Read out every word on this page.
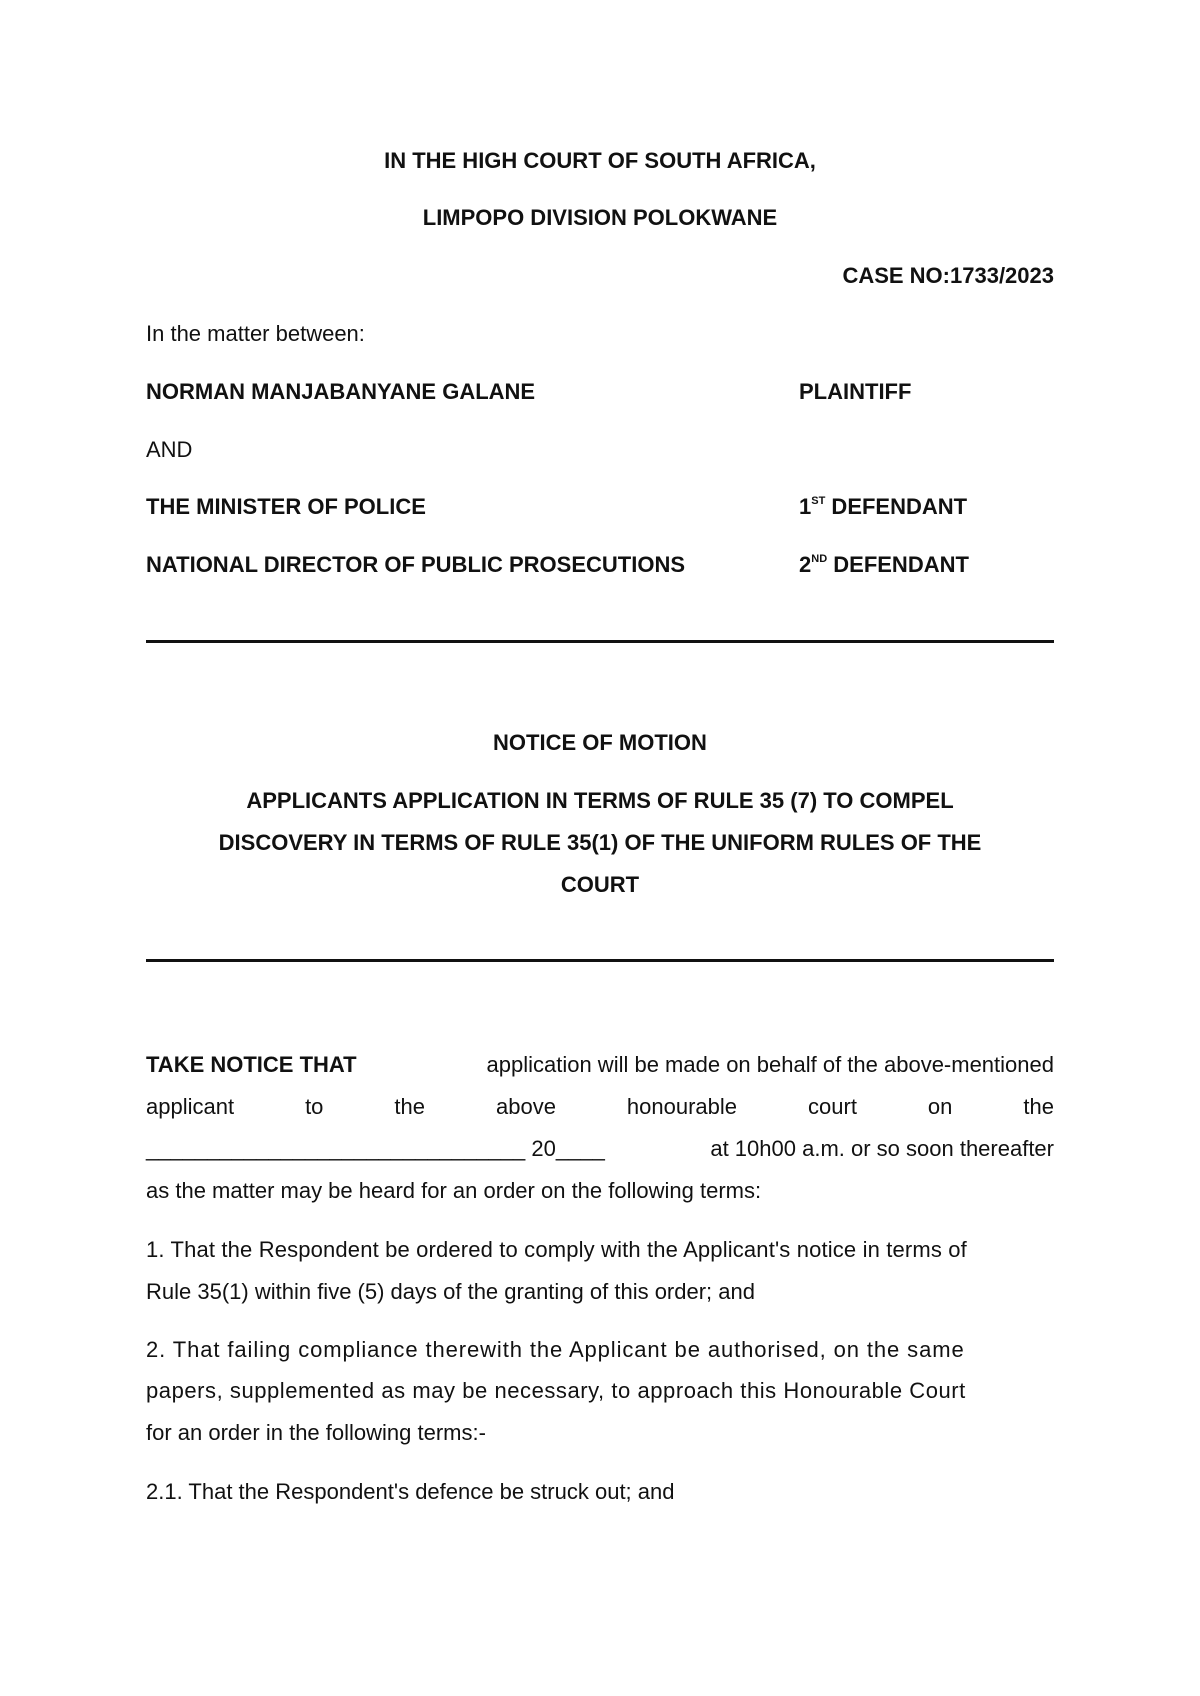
IN THE HIGH COURT OF SOUTH AFRICA,
LIMPOPO DIVISION POLOKWANE
CASE NO:1733/2023
In the matter between:
NORMAN MANJABANYANE GALANE	PLAINTIFF
AND
THE MINISTER OF POLICE	1ST DEFENDANT
NATIONAL DIRECTOR OF PUBLIC PROSECUTIONS	2ND DEFENDANT
NOTICE OF MOTION
APPLICANTS APPLICATION IN TERMS OF RULE 35 (7) TO COMPEL
DISCOVERY IN TERMS OF RULE 35(1) OF THE UNIFORM RULES OF THE
COURT
TAKE NOTICE THAT	application will be made on behalf of the above-mentioned
applicant	to	the	above	honourable	court	on	the
_______________________________ 20____	at 10h00 a.m. or so soon thereafter
as the matter may be heard for an order on the following terms:
1. That the Respondent be ordered to comply with the Applicant's notice in terms of
Rule 35(1) within five (5) days of the granting of this order; and
2. That failing compliance therewith the Applicant be authorised, on the same
papers, supplemented as may be necessary, to approach this Honourable Court
for an order in the following terms:-
2.1. That the Respondent's defence be struck out; and
